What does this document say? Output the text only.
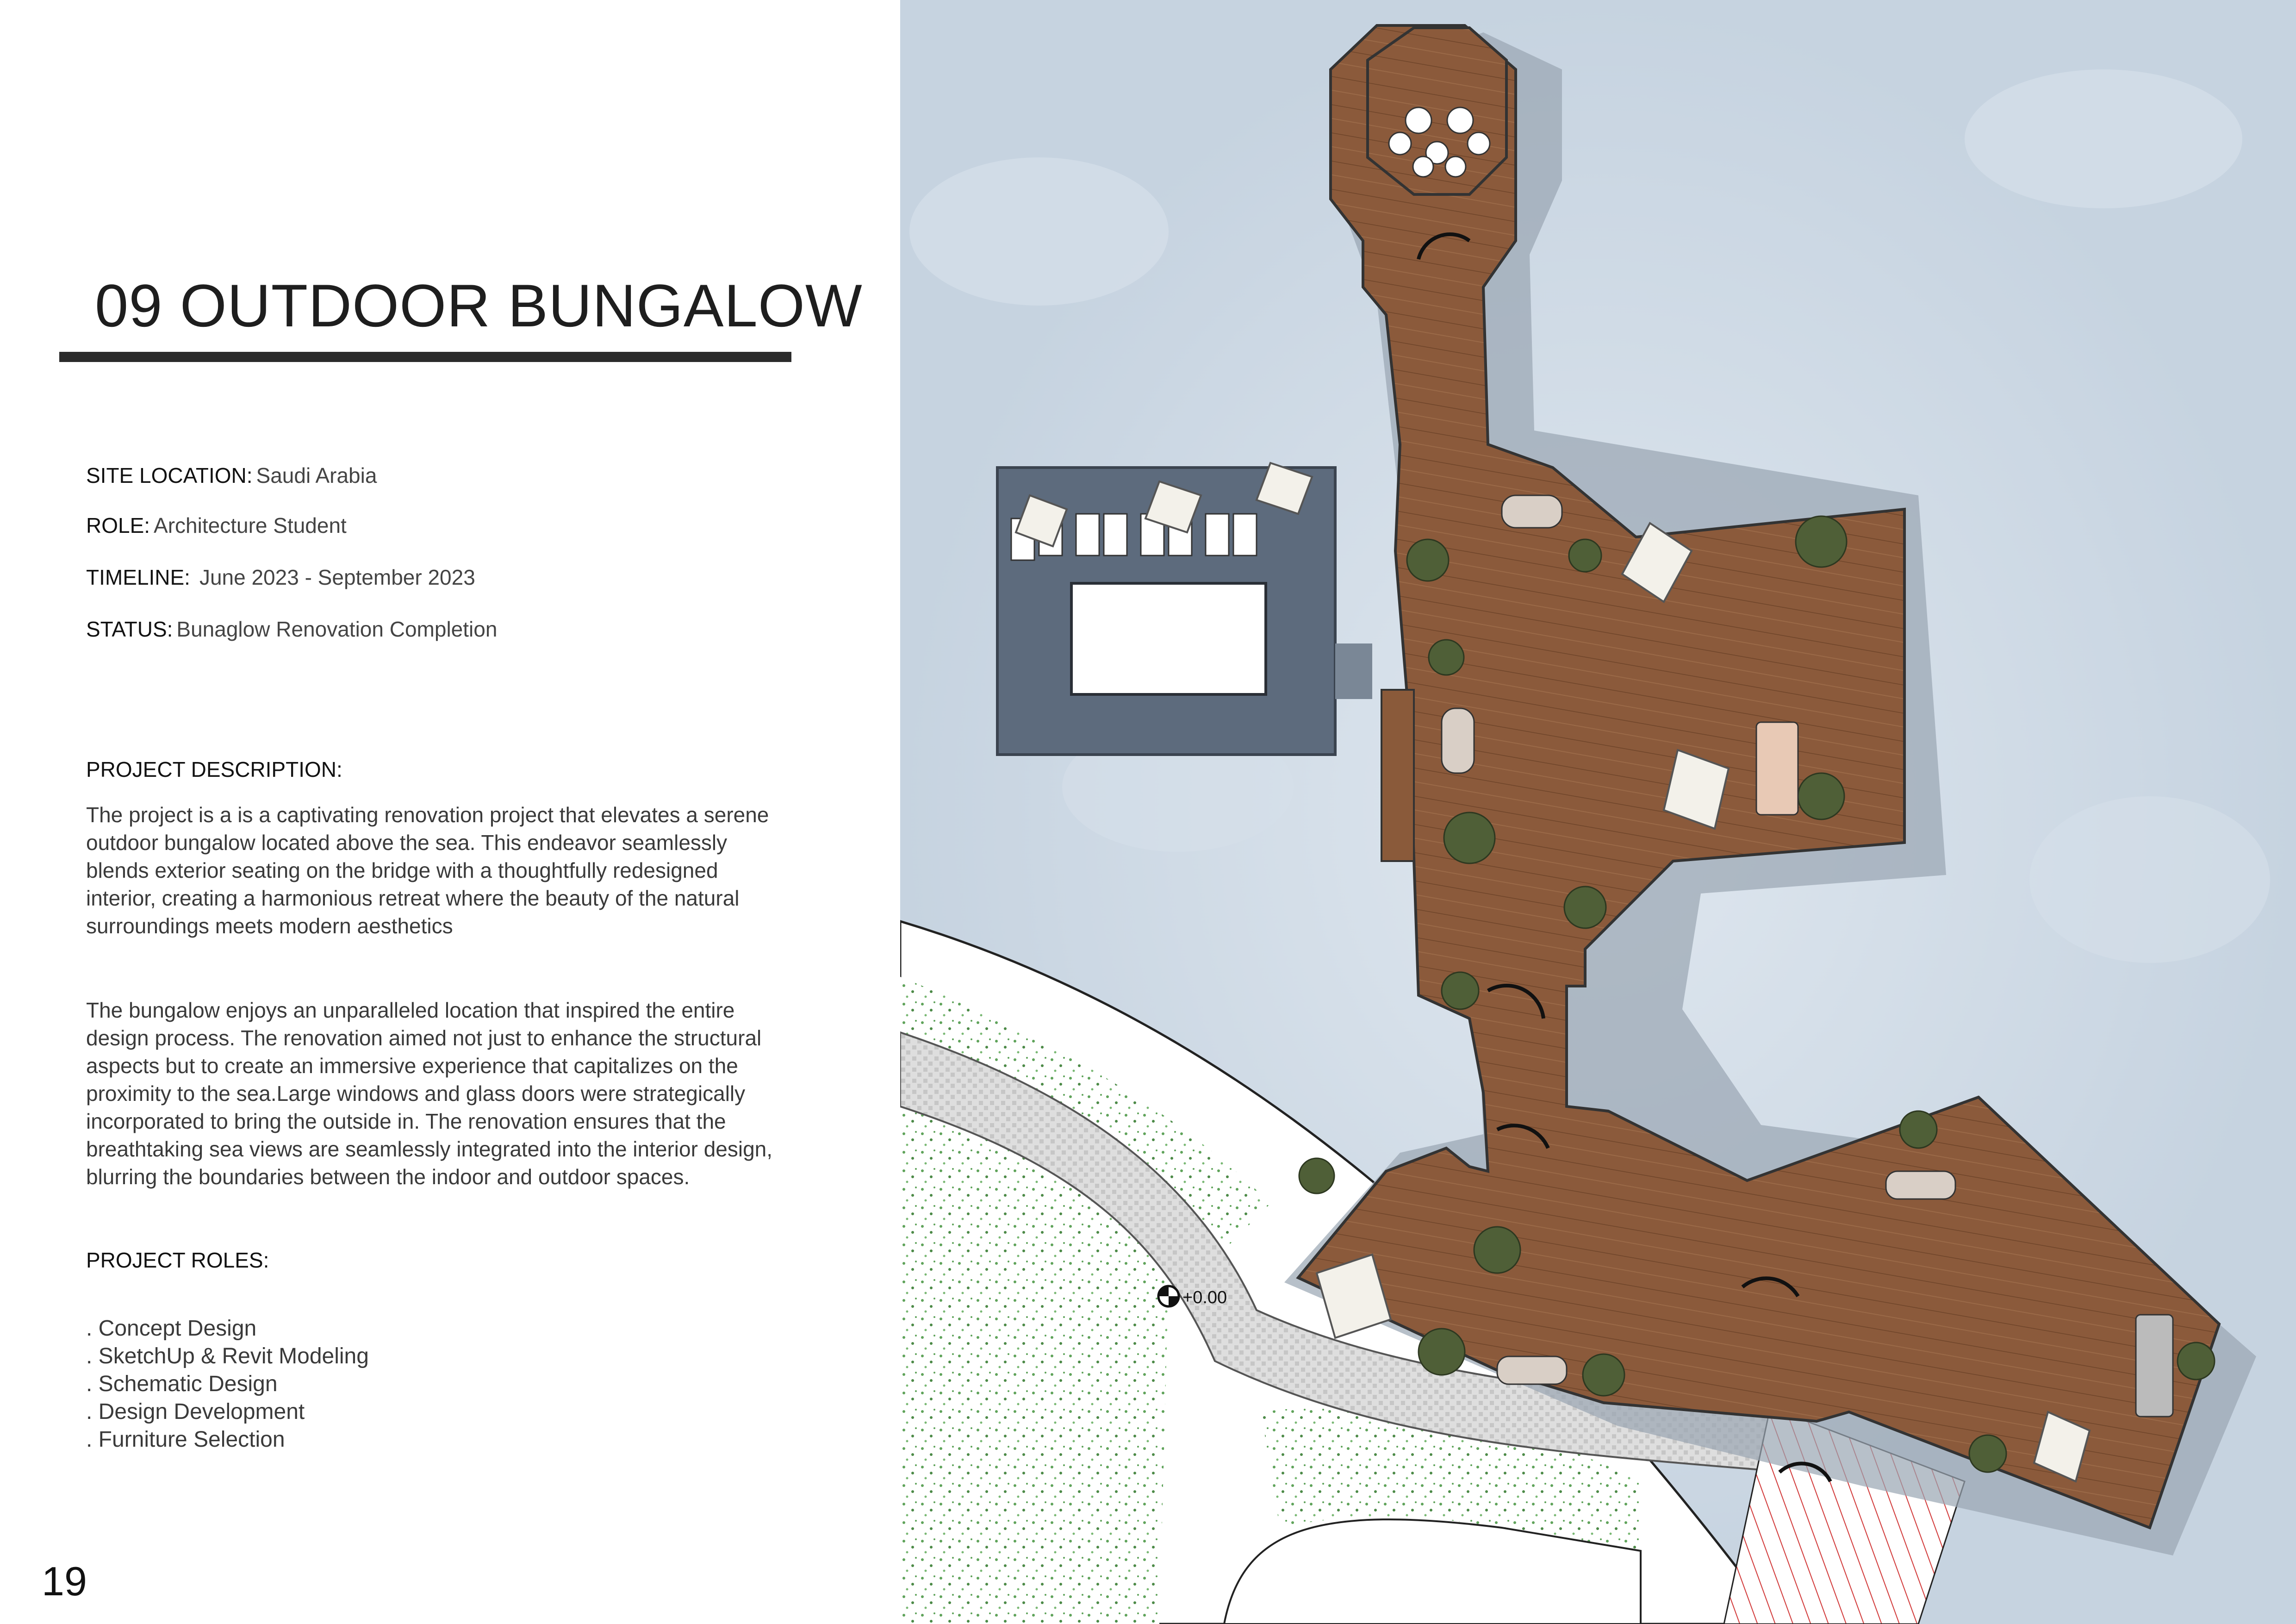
09 OUTDOOR BUNGALOW
SITE LOCATION: Saudi Arabia
ROLE: Architecture Student
TIMELINE: June 2023 - September 2023
STATUS: Bunaglow Renovation Completion
PROJECT DESCRIPTION:
The project is a is a captivating renovation project that elevates a serene outdoor bungalow located above the sea. This endeavor seamlessly blends exterior seating on the bridge with a thoughtfully redesigned interior, creating a harmonious retreat where the beauty of the natural surroundings meets modern aesthetics
The bungalow enjoys an unparalleled location that inspired the entire design process. The renovation aimed not just to enhance the structural aspects but to create an immersive experience that capitalizes on the proximity to the sea.Large windows and glass doors were strategically incorporated to bring the outside in. The renovation ensures that the breathtaking sea views are seamlessly integrated into the interior design, blurring the boundaries between the indoor and outdoor spaces.
PROJECT ROLES:
. Concept Design
. SketchUp & Revit Modeling
. Schematic Design
. Design Development
. Furniture Selection
19
+0.00
